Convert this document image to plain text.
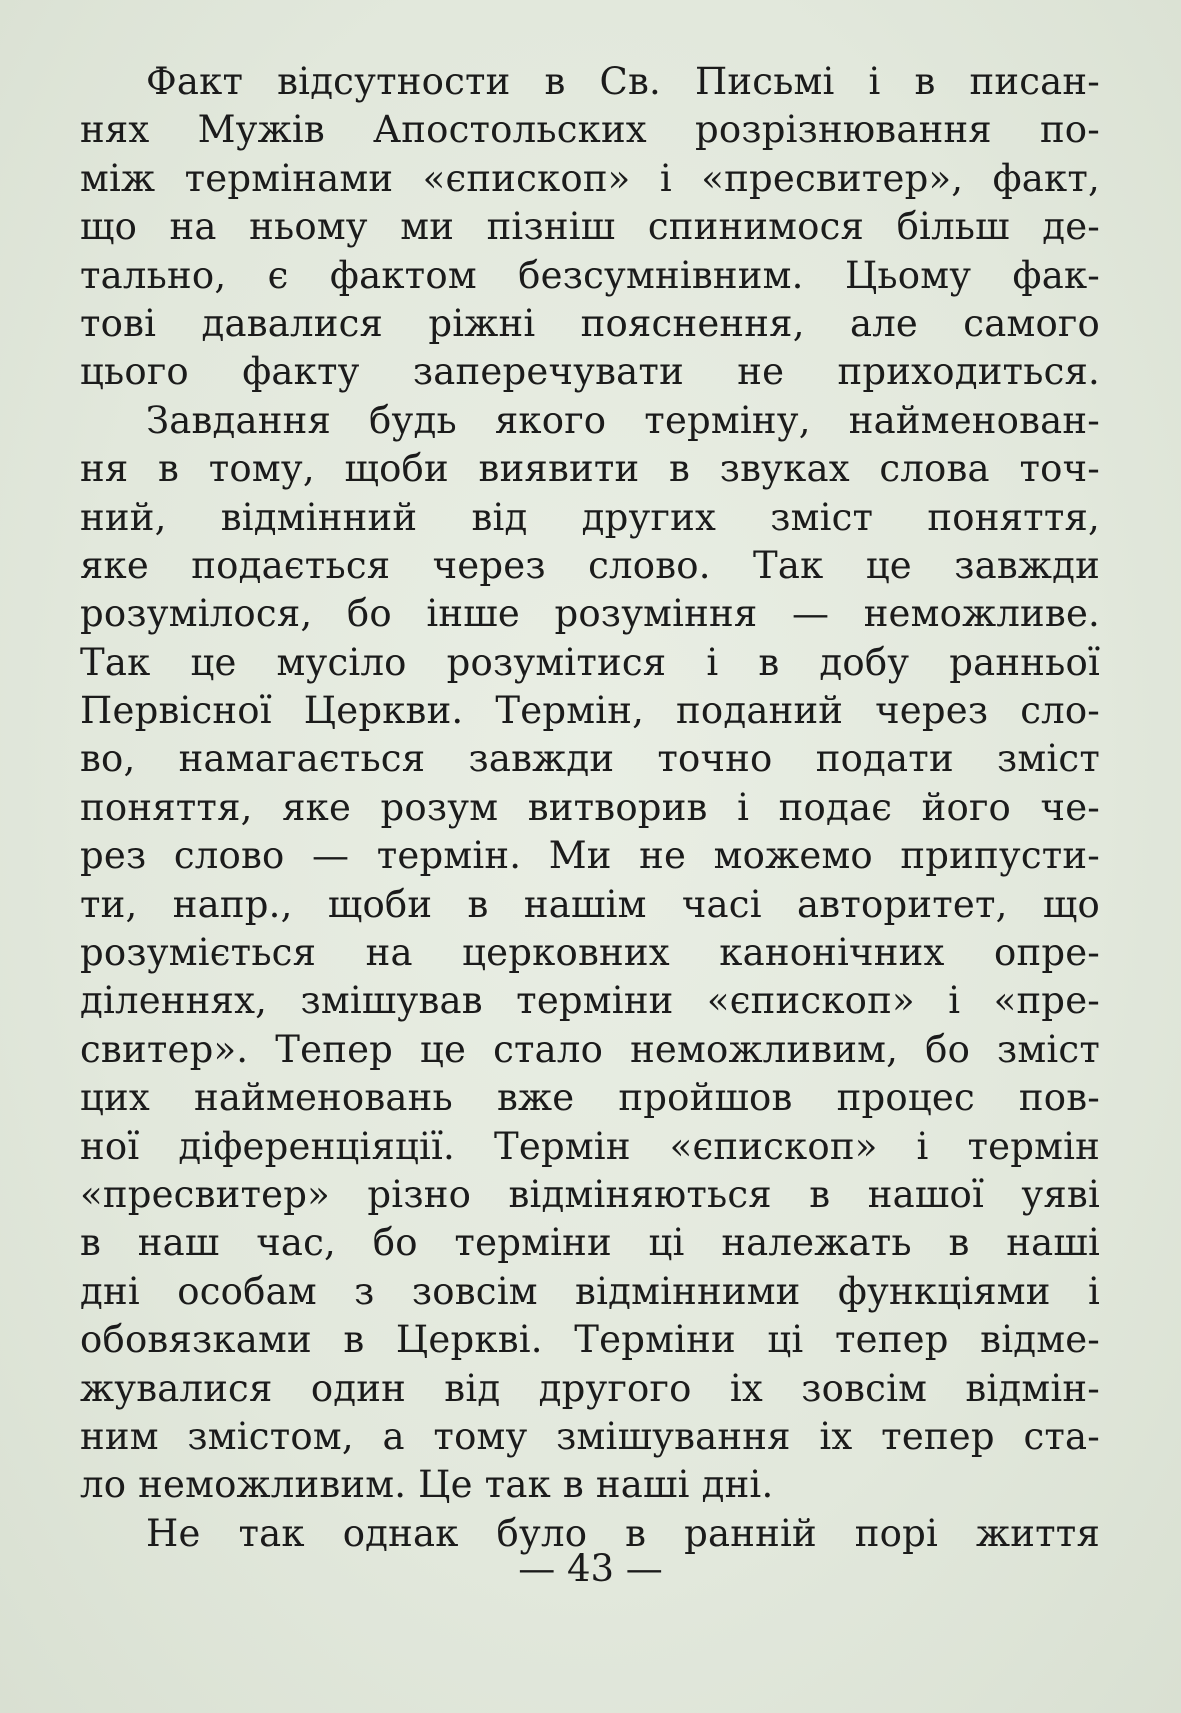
Факт відсутности в Св. Письмі і в писан-
нях Мужів Апостольских розрізнювання по-
між термінами «єпископ» і «пресвитер», факт,
що на ньому ми пізніш спинимося більш де-
тально, є фактом безсумнівним. Цьому фак-
тові давалися ріжні пояснення, але самого
цього факту заперечувати не приходиться.
Завдання будь якого терміну, найменован-
ня в тому, щоби виявити в звуках слова точ-
ний, відмінний від других зміст поняття,
яке подається через слово. Так це завжди
розумілося, бо інше розуміння — неможливе.
Так це мусіло розумітися і в добу ранньої
Первісної Церкви. Термін, поданий через сло-
во, намагається завжди точно подати зміст
поняття, яке розум витворив і подає його че-
рез слово — термін. Ми не можемо припусти-
ти, напр., щоби в нашім часі авторитет, що
розуміється на церковних канонічних опре-
діленнях, змішував терміни «єпископ» і «пре-
свитер». Тепер це стало неможливим, бо зміст
цих найменовань вже пройшов процес пов-
ної діференціяції. Термін «єпископ» і термін
«пресвитер» різно відміняються в нашої уяві
в наш час, бо терміни ці належать в наші
дні особам з зовсім відмінними функціями і
обовязками в Церкві. Терміни ці тепер відме-
жувалися один від другого іх зовсім відмін-
ним змістом, а тому змішування іх тепер ста-
ло неможливим. Це так в наші дні.
Не так однак було в ранній порі життя
— 43 —
